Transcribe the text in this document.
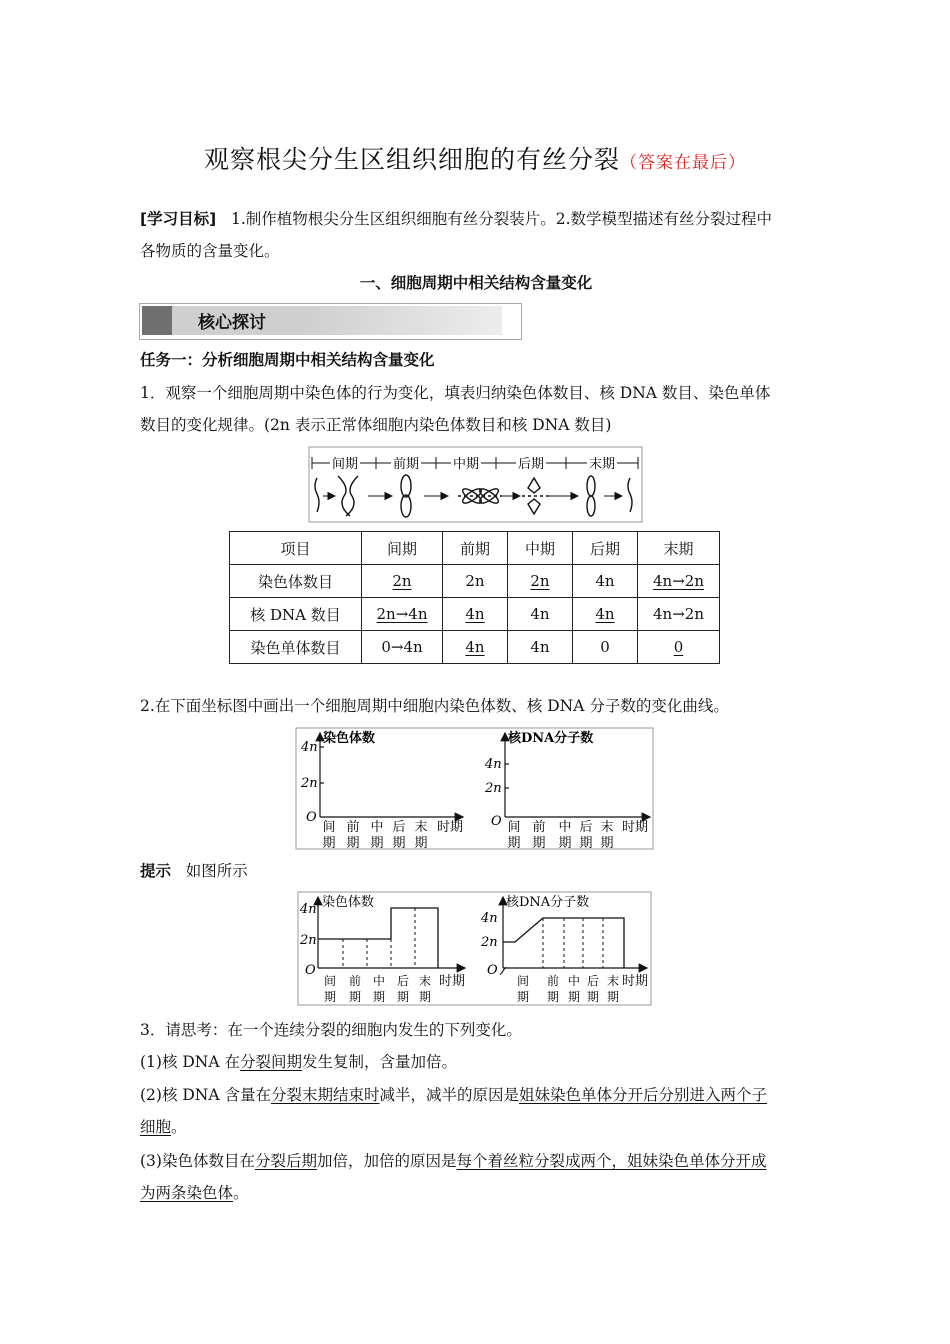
观察根尖分生区组织细胞的有丝分裂（答案在最后）
[学习目标] 1.制作植物根尖分生区组织细胞有丝分裂装片。2.数学模型描述有丝分裂过程中
各物质的含量变化。
一、细胞周期中相关结构含量变化
核心探讨
任务一：分析细胞周期中相关结构含量变化
1．观察一个细胞周期中染色体的行为变化，填表归纳染色体数目、核 DNA 数目、染色单体
数目的变化规律。(2n 表示正常体细胞内染色体数目和核 DNA 数目)
间期	前期	中期	后期	末期
项目	间期	前期	中期	后期	末期
染色体数目	2n	2n	2n	4n	4n→2n
核 DNA 数目	2n→4n	4n	4n	4n	4n→2n
染色单体数目	0→4n	4n	4n	0	0
2.在下面坐标图中画出一个细胞周期中细胞内染色体数、核 DNA 分子数的变化曲线。
染色体数	核DNA分子数
4n
2n
4n
2n
O	O
时期	时期
间
期
前
期
中
期
后
期
末
期
间
期
前
期
中
期
后
期
末
期
提示 如图所示
染色体数	核DNA分子数
4n
2n
4n
2n
O	O
时期	时期
间
期
前
期
中
期
后
期
末
期
间
期
前
期
中
期
后
期
末
期
3．请思考：在一个连续分裂的细胞内发生的下列变化。
(1)核 DNA 在分裂间期发生复制，含量加倍。
(2)核 DNA 含量在分裂末期结束时减半，减半的原因是姐妹染色单体分开后分别进入两个子
细胞。
(3)染色体数目在分裂后期加倍，加倍的原因是每个着丝粒分裂成两个，姐妹染色单体分开成
为两条染色体。
